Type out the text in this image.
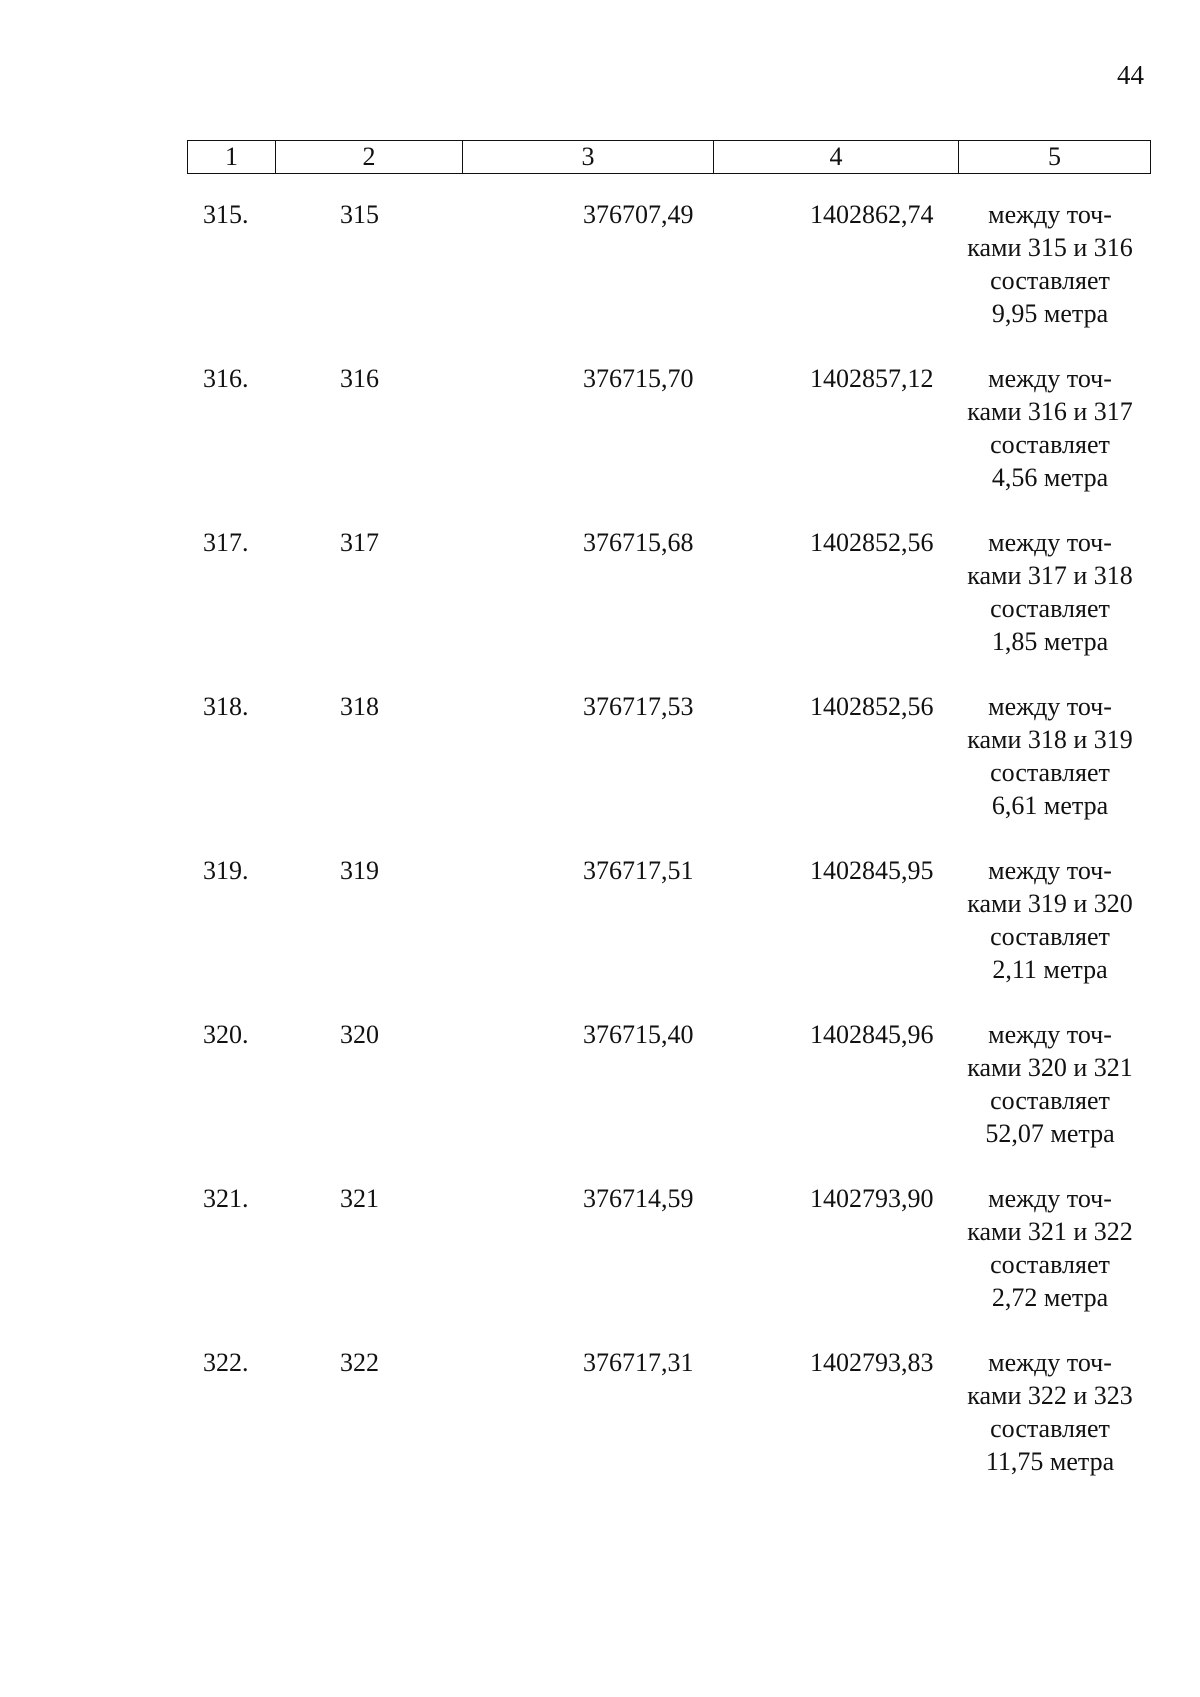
44
1	2	3	4	5
315.	315	376707,49	1402862,74	между точ-
ками 315 и 316
составляет
9,95 метра
316.	316	376715,70	1402857,12	между точ-
ками 316 и 317
составляет
4,56 метра
317.	317	376715,68	1402852,56	между точ-
ками 317 и 318
составляет
1,85 метра
318.	318	376717,53	1402852,56	между точ-
ками 318 и 319
составляет
6,61 метра
319.	319	376717,51	1402845,95	между точ-
ками 319 и 320
составляет
2,11 метра
320.	320	376715,40	1402845,96	между точ-
ками 320 и 321
составляет
52,07 метра
321.	321	376714,59	1402793,90	между точ-
ками 321 и 322
составляет
2,72 метра
322.	322	376717,31	1402793,83	между точ-
ками 322 и 323
составляет
11,75 метра
